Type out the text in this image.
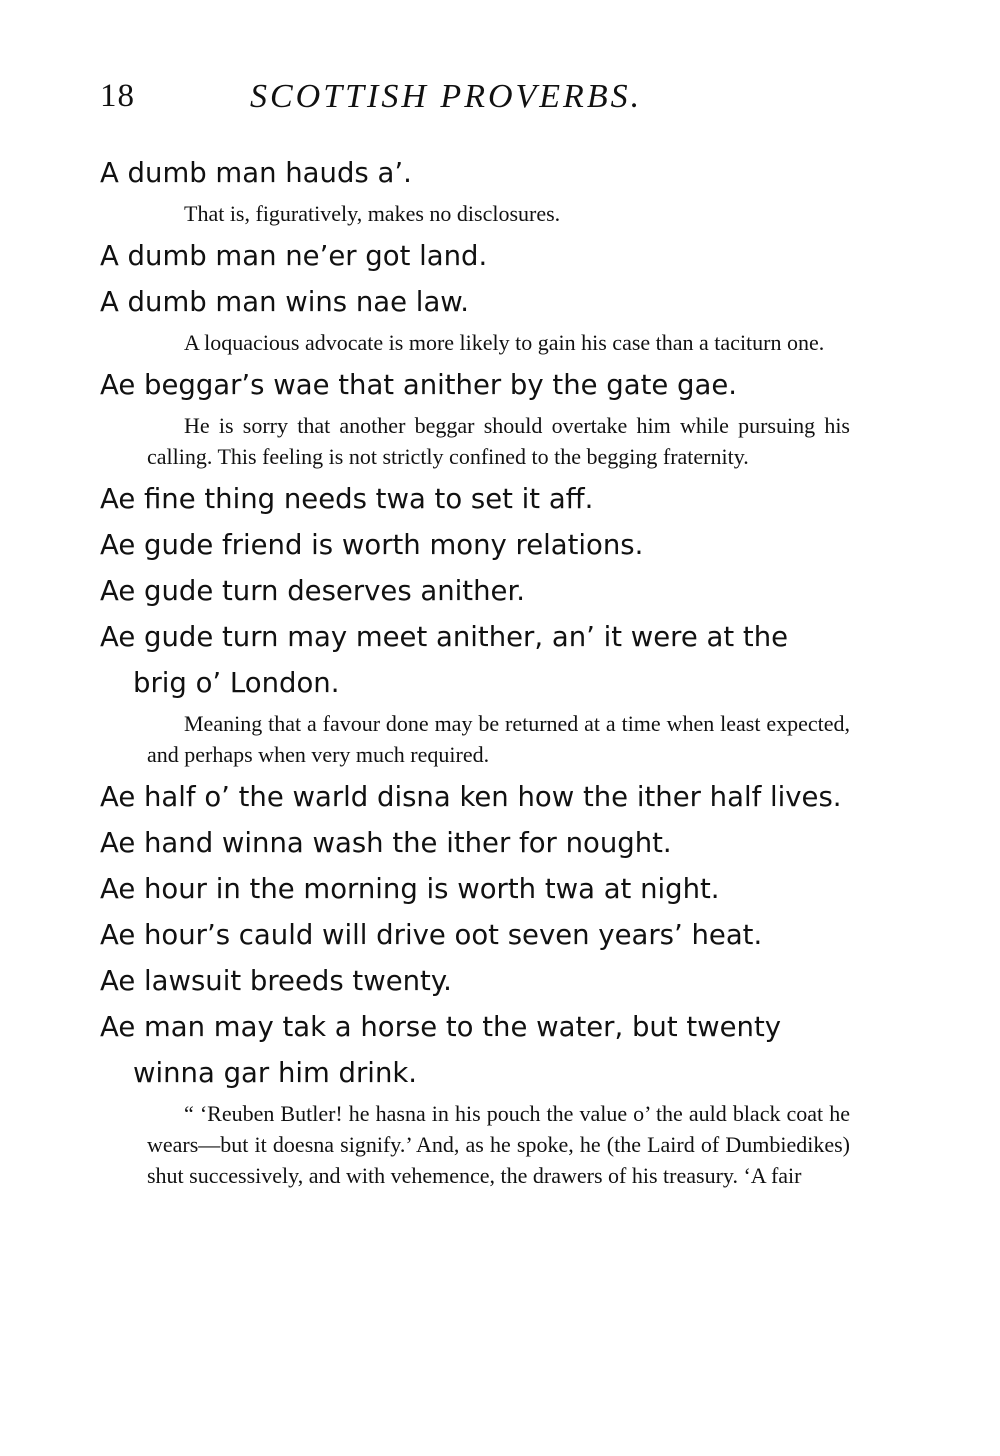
18	SCOTTISH PROVERBS.

A dumb man hauds a’.

That is, figuratively, makes no disclosures.

A dumb man ne’er got land.

A dumb man wins nae law.

A loquacious advocate is more likely to gain his case than a taciturn one.

Ae beggar’s wae that anither by the gate gae.

He is sorry that another beggar should overtake him while pursuing his calling. This feeling is not strictly confined to the begging fraternity.

Ae fine thing needs twa to set it aff.

Ae gude friend is worth mony relations.

Ae gude turn deserves anither.

Ae gude turn may meet anither, an’ it were at the brig o’ London.

Meaning that a favour done may be returned at a time when least expected, and perhaps when very much required.

Ae half o’ the warld disna ken how the ither half lives.

Ae hand winna wash the ither for nought.

Ae hour in the morning is worth twa at night.

Ae hour’s cauld will drive oot seven years’ heat.

Ae lawsuit breeds twenty.

Ae man may tak a horse to the water, but twenty winna gar him drink.

“ ‘Reuben Butler! he hasna in his pouch the value o’ the auld black coat he wears—but it doesna signify.’ And, as he spoke, he (the Laird of Dumbiedikes) shut successively, and with vehemence, the drawers of his treasury. ‘A fair
